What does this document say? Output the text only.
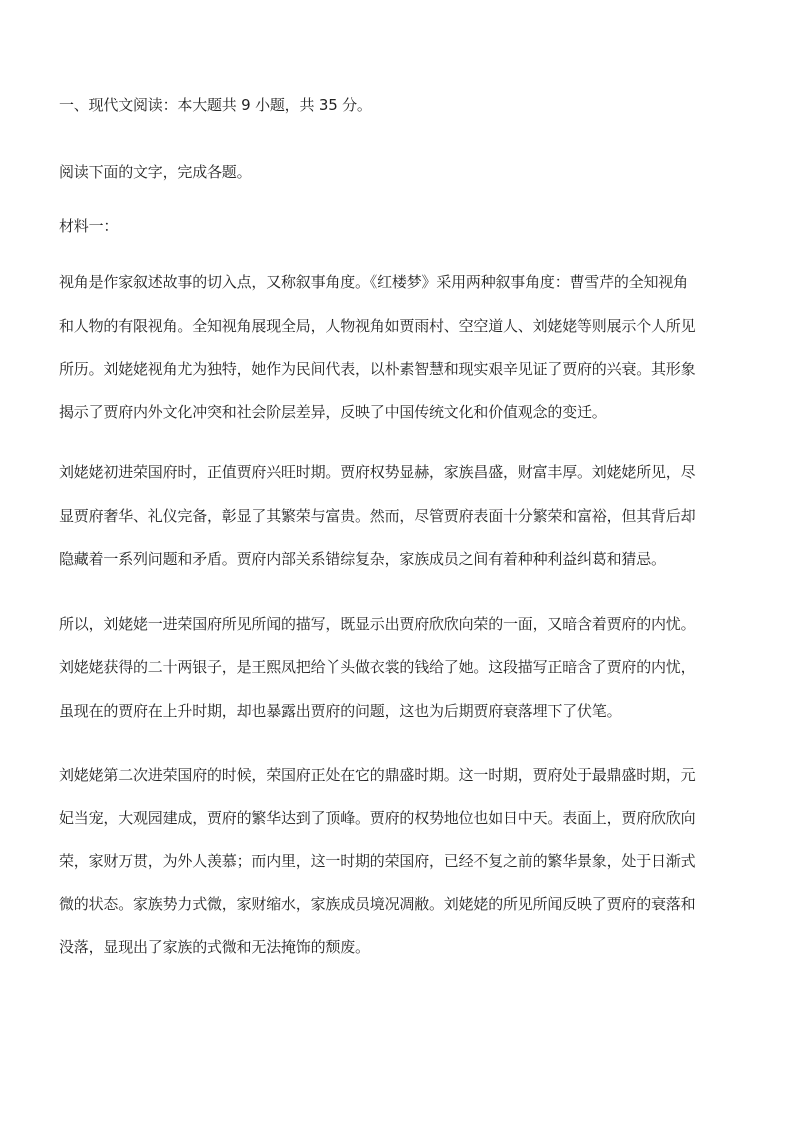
一、现代文阅读：本大题共 9 小题，共 35 分。
阅读下面的文字，完成各题。
材料一：
视角是作家叙述故事的切入点，又称叙事角度。《红楼梦》采用两种叙事角度：曹雪芹的全知视角
和人物的有限视角。全知视角展现全局，人物视角如贾雨村、空空道人、刘姥姥等则展示个人所见
所历。刘姥姥视角尤为独特，她作为民间代表，以朴素智慧和现实艰辛见证了贾府的兴衰。其形象
揭示了贾府内外文化冲突和社会阶层差异，反映了中国传统文化和价值观念的变迁。
刘姥姥初进荣国府时，正值贾府兴旺时期。贾府权势显赫，家族昌盛，财富丰厚。刘姥姥所见，尽
显贾府奢华、礼仪完备，彰显了其繁荣与富贵。然而，尽管贾府表面十分繁荣和富裕，但其背后却
隐藏着一系列问题和矛盾。贾府内部关系错综复杂，家族成员之间有着种种利益纠葛和猜忌。
所以，刘姥姥一进荣国府所见所闻的描写，既显示出贾府欣欣向荣的一面，又暗含着贾府的内忧。
刘姥姥获得的二十两银子，是王熙凤把给丫头做衣裳的钱给了她。这段描写正暗含了贾府的内忧，
虽现在的贾府在上升时期，却也暴露出贾府的问题，这也为后期贾府衰落埋下了伏笔。
刘姥姥第二次进荣国府的时候，荣国府正处在它的鼎盛时期。这一时期，贾府处于最鼎盛时期，元
妃当宠，大观园建成，贾府的繁华达到了顶峰。贾府的权势地位也如日中天。表面上，贾府欣欣向
荣，家财万贯，为外人羡慕；而内里，这一时期的荣国府，已经不复之前的繁华景象，处于日渐式
微的状态。家族势力式微，家财缩水，家族成员境况凋敝。刘姥姥的所见所闻反映了贾府的衰落和
没落，显现出了家族的式微和无法掩饰的颓废。
